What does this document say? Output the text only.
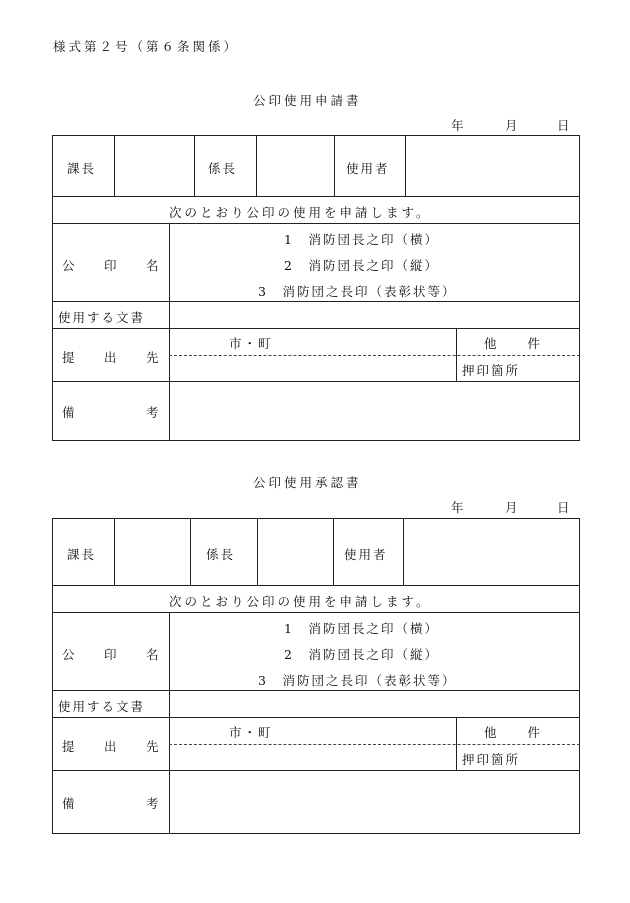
様式第２号（第６条関係）
公印使用申請書
年	月	日
課長	係長	使用者
次のとおり公印の使用を申請します。
公 印 名
1　消防団長之印（横）
2　消防団長之印（縦）
3　消防団之長印（表彰状等）
使用する文書
提 出 先
市・町	他　　件
押印箇所
備	考
公印使用承認書
年	月	日
課長	係長	使用者
次のとおり公印の使用を申請します。
公 印 名
1　消防団長之印（横）
2　消防団長之印（縦）
3　消防団之長印（表彰状等）
使用する文書
提 出 先
市・町	他　　件
押印箇所
備	考
